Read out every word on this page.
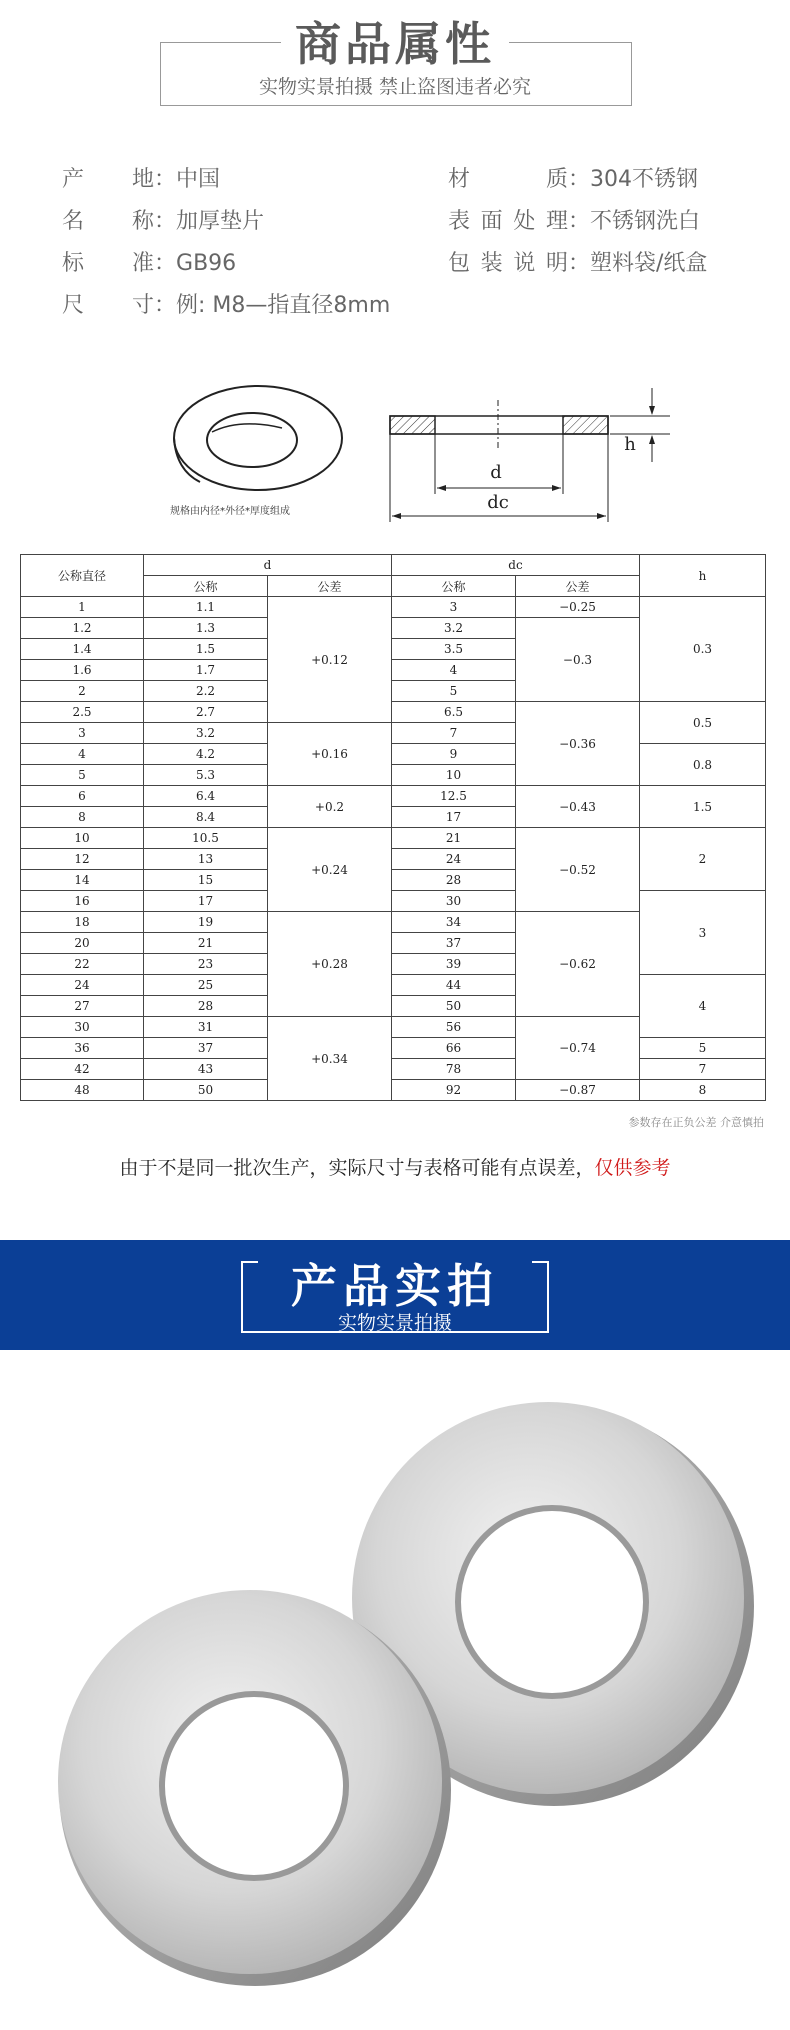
商品属性
实物实景拍摄 禁止盗图违者必究
产地：中国
名称：加厚垫片
标准：GB96
尺寸：例: M8—指直径8mm
材质：304不锈钢
表面处理：不锈钢洗白
包装说明：塑料袋/纸盒
规格由内径*外径*厚度组成
d
dc
h
公称直径	d		dc		h
	公称	公差	公称	公差	
1	1.1	+0.12	3	−0.25	0.3
1.2	1.3		3.2	−0.3	
1.4	1.5		3.5		
1.6	1.7		4		
2	2.2		5		
2.5	2.7		6.5	−0.36	0.5
3	3.2	+0.16	7		
4	4.2		9		0.8
5	5.3		10		
6	6.4	+0.2	12.5	−0.43	1.5
8	8.4		17		
10	10.5	+0.24	21	−0.52	2
12	13		24		
14	15		28		
16	17		30		3
18	19	+0.28	34	−0.62	
20	21		37		
22	23		39		
24	25		44		4
27	28		50		
30	31	+0.34	56	−0.74	
36	37		66		5
42	43		78		7
48	50		92	−0.87	8
参数存在正负公差 介意慎拍
由于不是同一批次生产，实际尺寸与表格可能有点误差，仅供参考
产品实拍
实物实景拍摄
